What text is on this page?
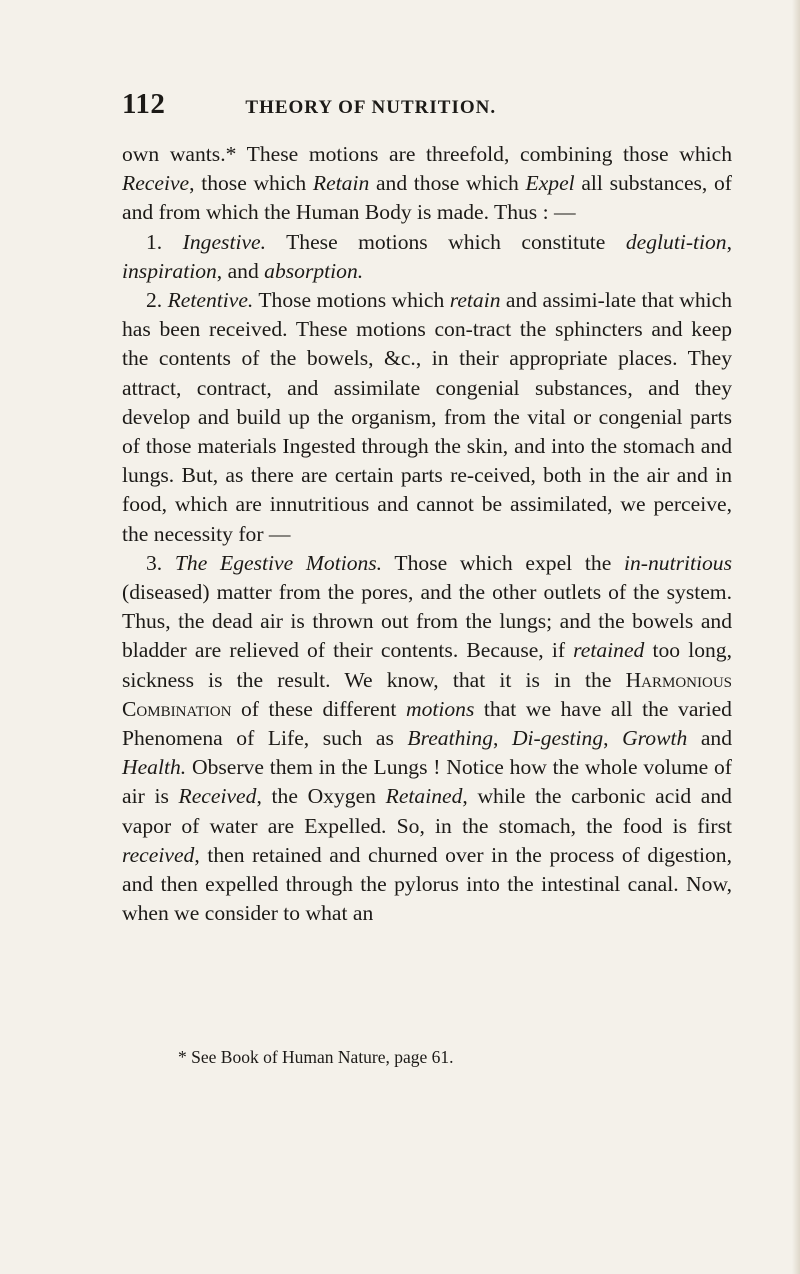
112	THEORY OF NUTRITION.

own wants.* These motions are threefold, combining those which Receive, those which Retain and those which Expel all substances, of and from which the Human Body is made. Thus : —

1. Ingestive. These motions which constitute degluti-tion, inspiration, and absorption.

2. Retentive. Those motions which retain and assimi-late that which has been received. These motions con-tract the sphincters and keep the contents of the bowels, &c., in their appropriate places. They attract, contract, and assimilate congenial substances, and they develop and build up the organism, from the vital or congenial parts of those materials Ingested through the skin, and into the stomach and lungs. But, as there are certain parts re-ceived, both in the air and in food, which are innutritious and cannot be assimilated, we perceive, the necessity for —

3. The Egestive Motions. Those which expel the in-nutritious (diseased) matter from the pores, and the other outlets of the system. Thus, the dead air is thrown out from the lungs; and the bowels and bladder are relieved of their contents. Because, if retained too long, sickness is the result. We know, that it is in the Harmonious Combination of these different motions that we have all the varied Phenomena of Life, such as Breathing, Di-gesting, Growth and Health. Observe them in the Lungs ! Notice how the whole volume of air is Received, the Oxygen Retained, while the carbonic acid and vapor of water are Expelled. So, in the stomach, the food is first received, then retained and churned over in the process of digestion, and then expelled through the pylorus into the intestinal canal. Now, when we consider to what an

* See Book of Human Nature, page 61.
